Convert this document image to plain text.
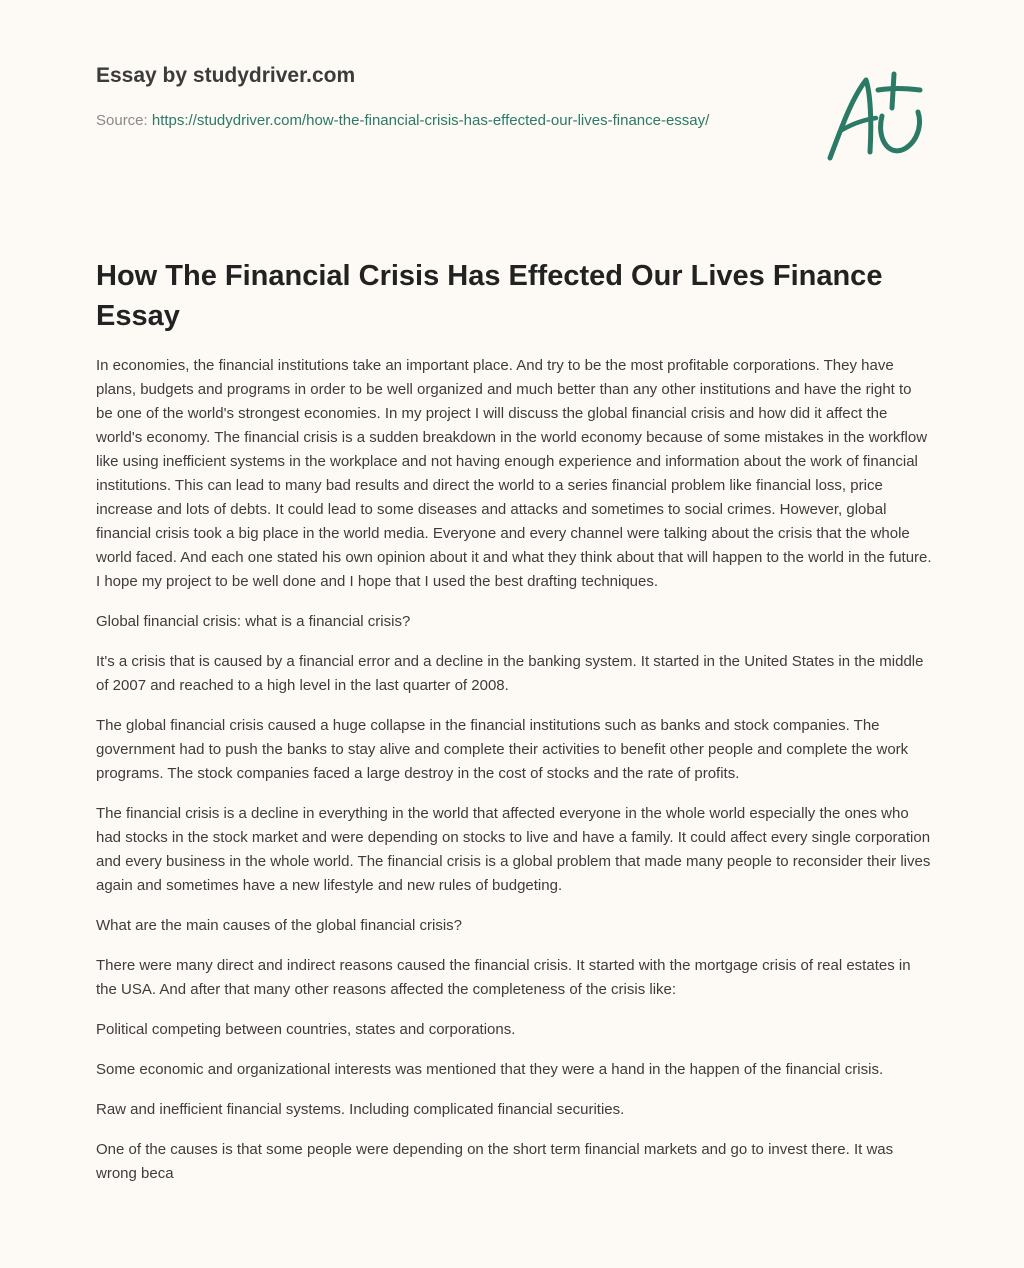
Essay by studydriver.com
Source: https://studydriver.com/how-the-financial-crisis-has-effected-our-lives-finance-essay/
How The Financial Crisis Has Effected Our Lives Finance Essay

In economies, the financial institutions take an important place. And try to be the most profitable corporations. They have plans, budgets and programs in order to be well organized and much better than any other institutions and have the right to be one of the world's strongest economies. In my project I will discuss the global financial crisis and how did it affect the world's economy. The financial crisis is a sudden breakdown in the world economy because of some mistakes in the workflow like using inefficient systems in the workplace and not having enough experience and information about the work of financial institutions. This can lead to many bad results and direct the world to a series financial problem like financial loss, price increase and lots of debts. It could lead to some diseases and attacks and sometimes to social crimes. However, global financial crisis took a big place in the world media. Everyone and every channel were talking about the crisis that the whole world faced. And each one stated his own opinion about it and what they think about that will happen to the world in the future. I hope my project to be well done and I hope that I used the best drafting techniques.

Global financial crisis: what is a financial crisis?

It's a crisis that is caused by a financial error and a decline in the banking system. It started in the United States in the middle of 2007 and reached to a high level in the last quarter of 2008.

The global financial crisis caused a huge collapse in the financial institutions such as banks and stock companies. The government had to push the banks to stay alive and complete their activities to benefit other people and complete the work programs. The stock companies faced a large destroy in the cost of stocks and the rate of profits.

The financial crisis is a decline in everything in the world that affected everyone in the whole world especially the ones who had stocks in the stock market and were depending on stocks to live and have a family. It could affect every single corporation and every business in the whole world. The financial crisis is a global problem that made many people to reconsider their lives again and sometimes have a new lifestyle and new rules of budgeting.

What are the main causes of the global financial crisis?

There were many direct and indirect reasons caused the financial crisis. It started with the mortgage crisis of real estates in the USA. And after that many other reasons affected the completeness of the crisis like:

Political competing between countries, states and corporations.

Some economic and organizational interests was mentioned that they were a hand in the happen of the financial crisis.

Raw and inefficient financial systems. Including complicated financial securities.

One of the causes is that some people were depending on the short term financial markets and go to invest there. It was wrong beca
